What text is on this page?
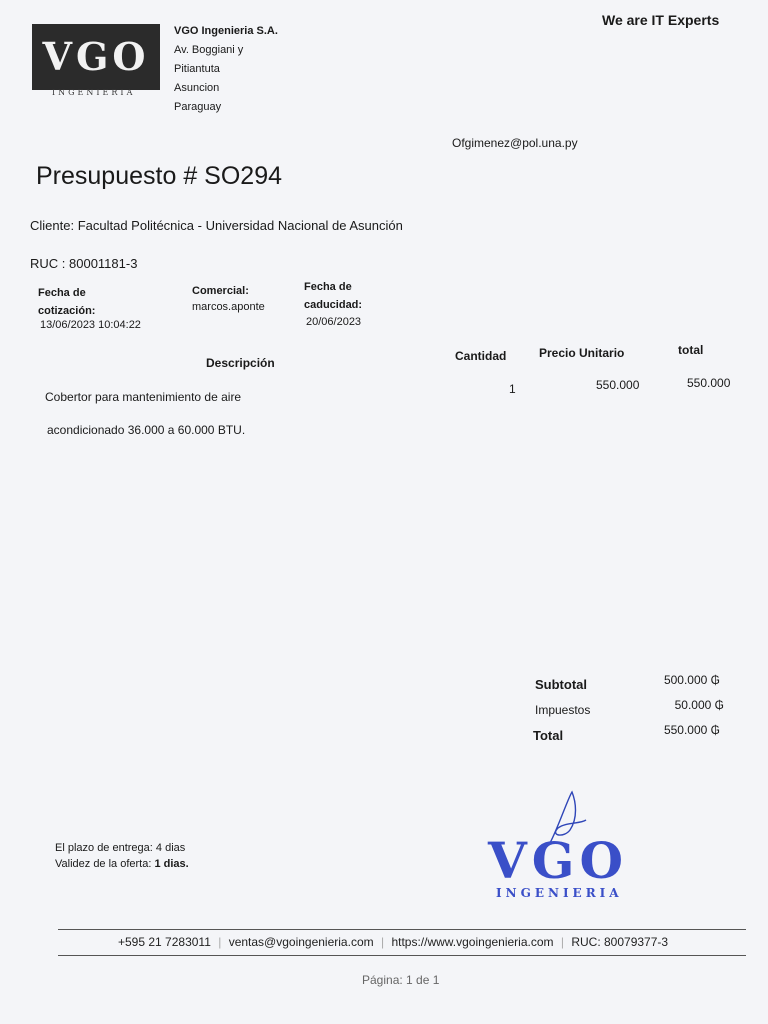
VGO
INGENIERIA
VGO Ingenieria S.A.
Av. Boggiani y
Pitiantuta
Asuncion
Paraguay
We are IT Experts
Ofgimenez@pol.una.py
Presupuesto # SO294
Cliente: Facultad Politécnica - Universidad Nacional de Asunción
RUC : 80001181-3
Fecha de
cotización:
13/06/2023 10:04:22
Comercial:
marcos.aponte
Fecha de
caducidad:
20/06/2023
Descripción	Cantidad	Precio Unitario	total
Cobertor para mantenimiento de aire
acondicionado 36.000 a 60.000 BTU.
1	550.000	550.000
Subtotal	500.000 ₲
Impuestos	50.000 ₲
Total	550.000 ₲
El plazo de entrega: 4 dias
Validez de la oferta: 1 dias.	VGO
INGENIERIA
+595 21 7283011 | ventas@vgoingenieria.com | https://www.vgoingenieria.com | RUC: 80079377-3
Página: 1 de 1
